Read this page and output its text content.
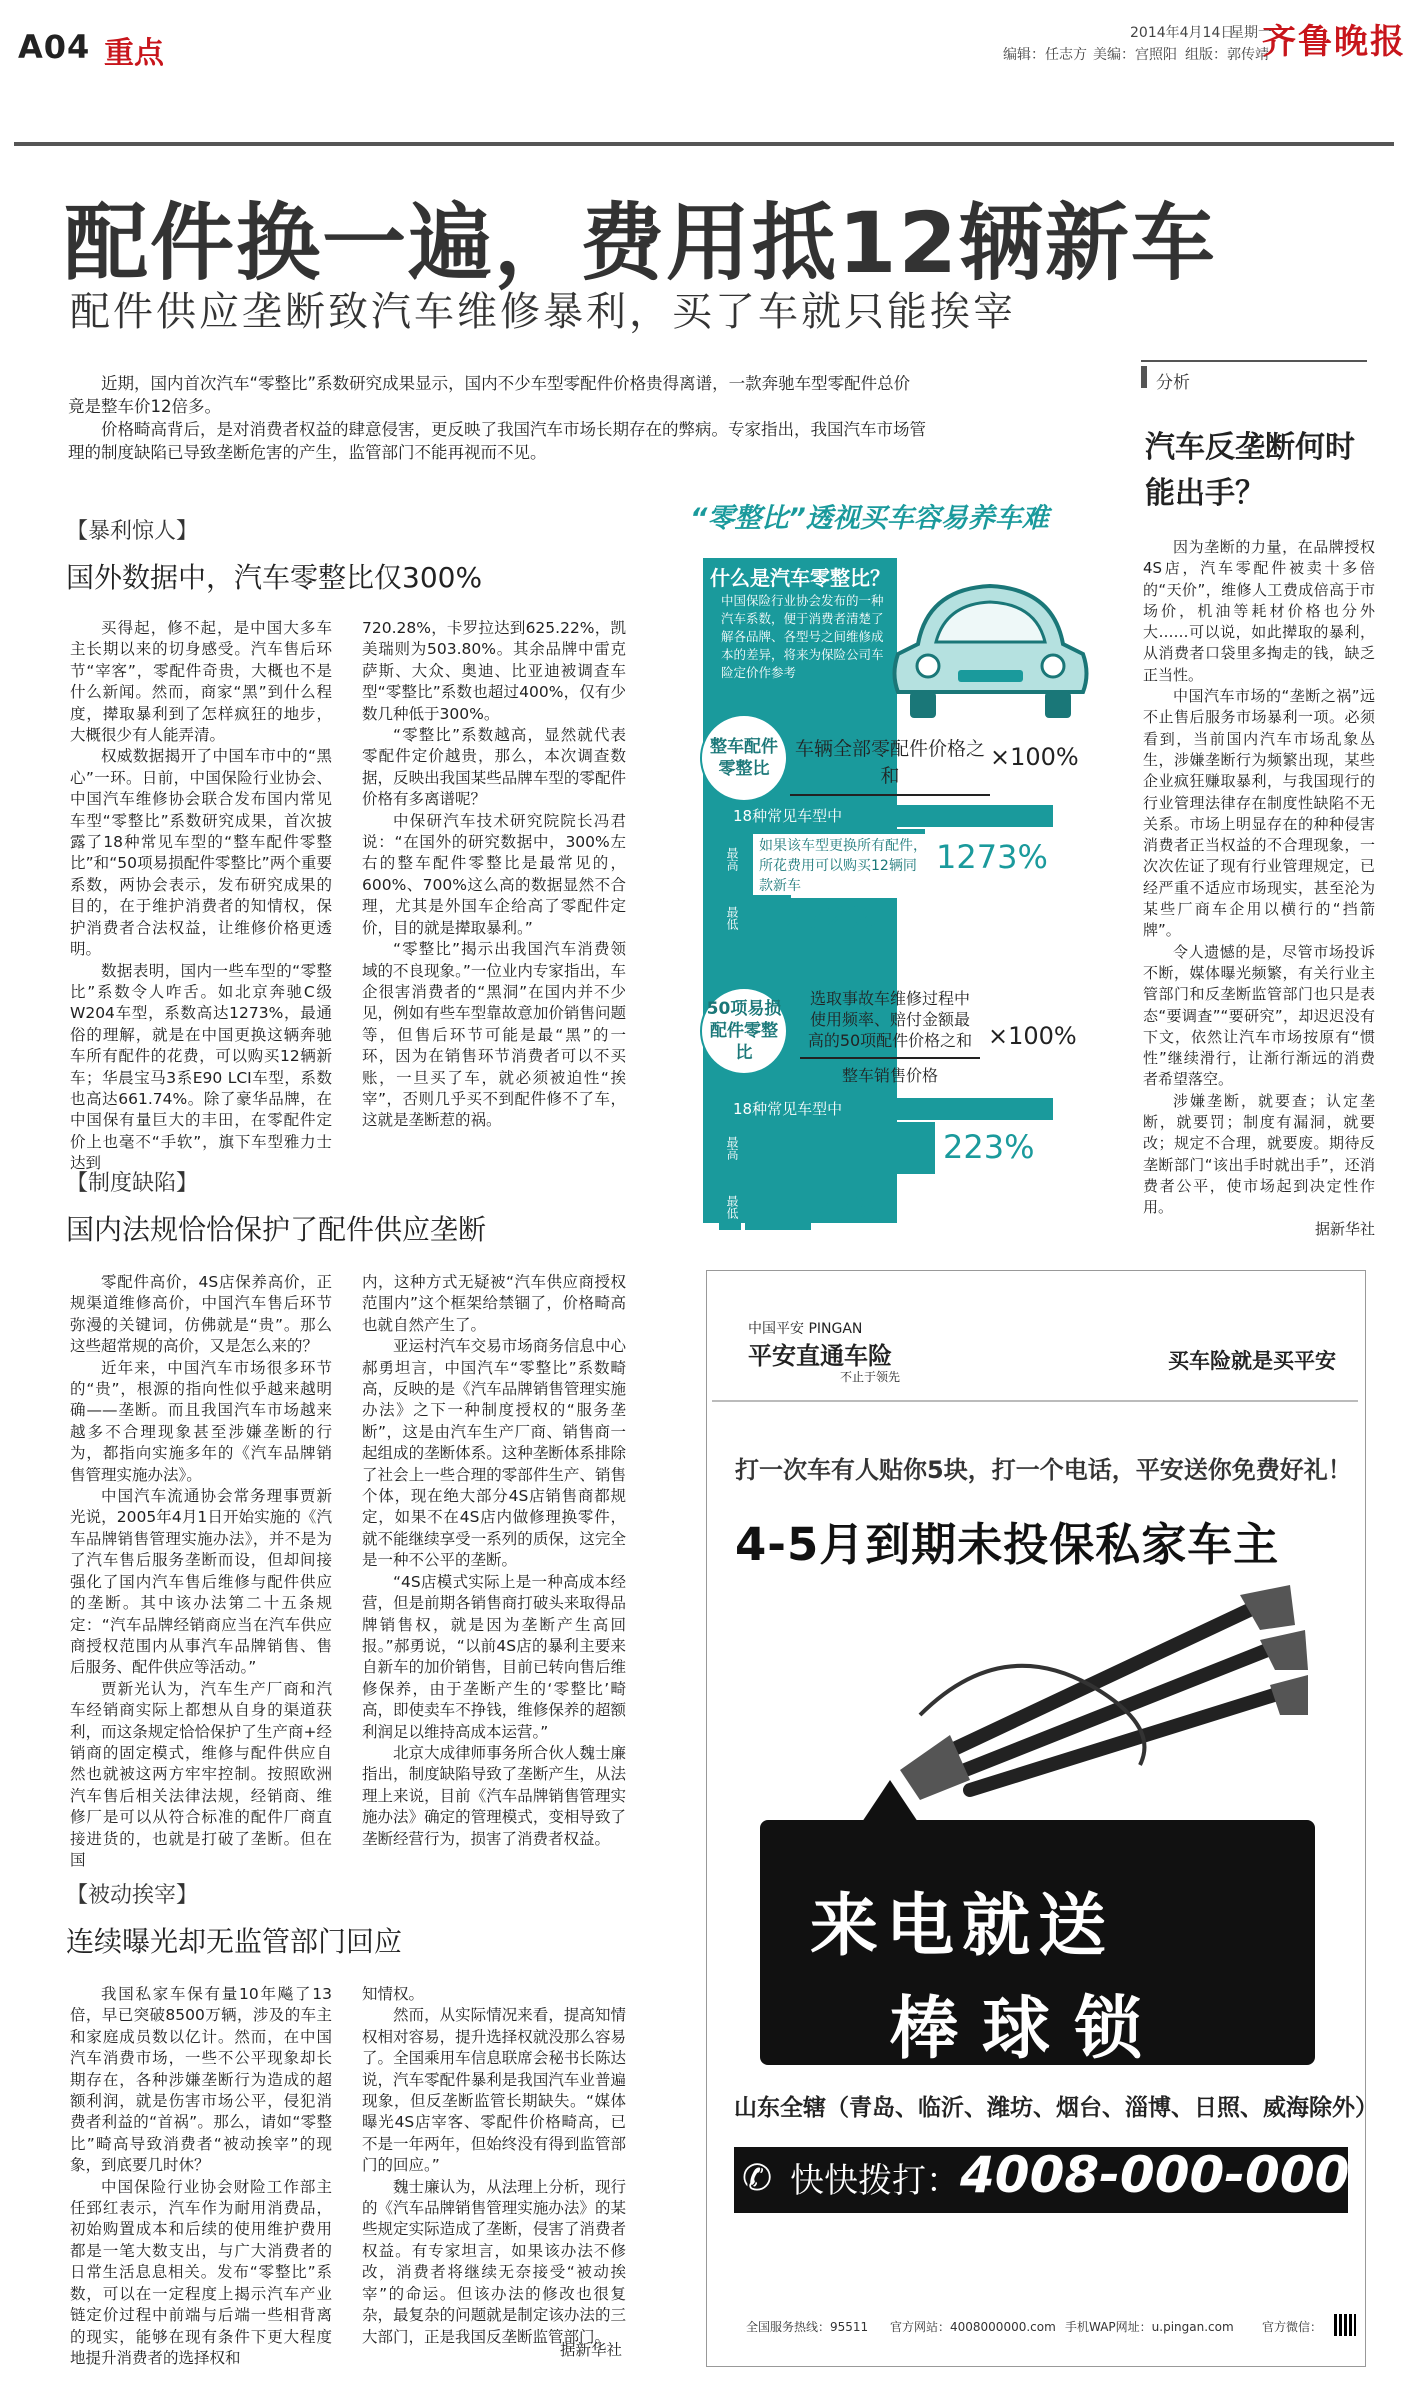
A04 重点
2014年4月14日
星期一
编辑：任志方 美编：宫照阳 组版：郭传靖
齐鲁晚报
配件换一遍，费用抵12辆新车
配件供应垄断致汽车维修暴利，买了车就只能挨宰

近期，国内首次汽车“零整比”系数研究成果显示，国内不少车型零配件价格贵得离谱，一款奔驰车型零配件总价竟是整车价12倍多。

价格畸高背后，是对消费者权益的肆意侵害，更反映了我国汽车市场长期存在的弊病。专家指出，我国汽车市场管理的制度缺陷已导致垄断危害的产生，监管部门不能再视而不见。

【暴利惊人】
国外数据中，汽车零整比仅300%

买得起，修不起，是中国大多车主长期以来的切身感受。汽车售后环节“宰客”，零配件奇贵，大概也不是什么新闻。然而，商家“黑”到什么程度，撵取暴利到了怎样疯狂的地步，大概很少有人能弄清。

权威数据揭开了中国车市中的“黑心”一环。日前，中国保险行业协会、中国汽车维修协会联合发布国内常见车型“零整比”系数研究成果，首次披露了18种常见车型的“整车配件零整比”和“50项易损配件零整比”两个重要系数，两协会表示，发布研究成果的目的，在于维护消费者的知情权，保护消费者合法权益，让维修价格更透明。

数据表明，国内一些车型的“零整比”系数令人咋舌。如北京奔驰C级W204车型，系数高达1273%，最通俗的理解，就是在中国更换这辆奔驰车所有配件的花费，可以购买12辆新车；华晨宝马3系E90 LCI车型，系数也高达661.74%。除了豪华品牌，在中国保有量巨大的丰田，在零配件定价上也毫不“手软”，旗下车型雅力士达到

720.28%，卡罗拉达到625.22%，凯美瑞则为503.80%。其余品牌中雷克萨斯、大众、奥迪、比亚迪被调查车型“零整比”系数也超过400%，仅有少数几种低于300%。

“零整比”系数越高，显然就代表零配件定价越贵，那么，本次调查数据，反映出我国某些品牌车型的零配件价格有多离谱呢？

中保研汽车技术研究院院长冯君说：“在国外的研究数据中，300%左右的整车配件零整比是最常见的，600%、700%这么高的数据显然不合理，尤其是外国车企给高了零配件定价，目的就是撵取暴利。”

“零整比”揭示出我国汽车消费领域的不良现象。”一位业内专家指出，车企很害消费者的“黑洞”在国内并不少见，例如有些车型靠故意加价销售问题等，但售后环节可能是最“黑”的一环，因为在销售环节消费者可以不买账，一旦买了车，就必须被迫性“挨宰”，否则几乎买不到配件修不了车，这就是垄断惹的祸。

【制度缺陷】
国内法规恰恰保护了配件供应垄断

零配件高价，4S店保养高价，正规渠道维修高价，中国汽车售后环节弥漫的关键词，仿佛就是“贵”。那么这些超常规的高价，又是怎么来的？

近年来，中国汽车市场很多环节的“贵”，根源的指向性似乎越来越明确——垄断。而且我国汽车市场越来越多不合理现象甚至涉嫌垄断的行为，都指向实施多年的《汽车品牌销售管理实施办法》。

中国汽车流通协会常务理事贾新光说，2005年4月1日开始实施的《汽车品牌销售管理实施办法》，并不是为了汽车售后服务垄断而设，但却间接强化了国内汽车售后维修与配件供应的垄断。其中该办法第二十五条规定：“汽车品牌经销商应当在汽车供应商授权范围内从事汽车品牌销售、售后服务、配件供应等活动。”

贾新光认为，汽车生产厂商和汽车经销商实际上都想从自身的渠道获利，而这条规定恰恰保护了生产商+经销商的固定模式，维修与配件供应自然也就被这两方牢牢控制。按照欧洲汽车售后相关法律法规，经销商、维修厂是可以从符合标准的配件厂商直接进货的，也就是打破了垄断。但在国

内，这种方式无疑被“汽车供应商授权范围内”这个框架给禁锢了，价格畸高也就自然产生了。

亚运村汽车交易市场商务信息中心郝勇坦言，中国汽车“零整比”系数畸高，反映的是《汽车品牌销售管理实施办法》之下一种制度授权的“服务垄断”，这是由汽车生产厂商、销售商一起组成的垄断体系。这种垄断体系排除了社会上一些合理的零部件生产、销售个体，现在绝大部分4S店销售商都规定，如果不在4S店内做修理换零件，就不能继续享受一系列的质保，这完全是一种不公平的垄断。

“4S店模式实际上是一种高成本经营，但是前期各销售商打破头来取得品牌销售权，就是因为垄断产生高回报。”郝勇说，“以前4S店的暴利主要来自新车的加价销售，目前已转向售后维修保养，由于垄断产生的‘零整比’畸高，即使卖车不挣钱，维修保养的超额利润足以维持高成本运营。”

北京大成律师事务所合伙人魏士廉指出，制度缺陷导致了垄断产生，从法理上来说，目前《汽车品牌销售管理实施办法》确定的管理模式，变相导致了垄断经营行为，损害了消费者权益。

【被动挨宰】
连续曝光却无监管部门回应

我国私家车保有量10年飚了13倍，早已突破8500万辆，涉及的车主和家庭成员数以亿计。然而，在中国汽车消费市场，一些不公平现象却长期存在，各种涉嫌垄断行为造成的超额利润，就是伤害市场公平，侵犯消费者利益的“首祸”。那么，请如“零整比”畸高导致消费者“被动挨宰”的现象，到底要几时休？

中国保险行业协会财险工作部主任郅红表示，汽车作为耐用消费品，初始购置成本和后续的使用维护费用都是一笔大数支出，与广大消费者的日常生活息息相关。发布“零整比”系数，可以在一定程度上揭示汽车产业链定价过程中前端与后端一些相背离的现实，能够在现有条件下更大程度地提升消费者的选择权和

知情权。

然而，从实际情况来看，提高知情权相对容易，提升选择权就没那么容易了。全国乘用车信息联席会秘书长陈达说，汽车零配件暴利是我国汽车业普遍现象，但反垄断监管长期缺失。“媒体曝光4S店宰客、零配件价格畸高，已不是一年两年，但始终没有得到监管部门的回应。”

魏士廉认为，从法理上分析，现行的《汽车品牌销售管理实施办法》的某些规定实际造成了垄断，侵害了消费者权益。有专家坦言，如果该办法不修改，消费者将继续无奈接受“被动挨宰”的命运。但该办法的修改也很复杂，最复杂的问题就是制定该办法的三大部门，正是我国反垄断监管部门。

据新华社
“零整比”透视买车容易养车难
什么是汽车零整比？
中国保险行业协会发布的一种汽车系数，便于消费者清楚了解各品牌、各型号之间维修成本的差异，将来为保险公司车险定价作参考
整车配件零整比
车辆全部零配件价格之和
×100%
18种常见车型中
最高
如果该车型更换所有配件，所花费用可以购买12辆同款新车
1273%
最低 272%
50项易损配件零整比
选取事故车维修过程中使用频率、赔付金额最高的50项配件价格之和
整车销售价格
×100%
18种常见车型中
最高	223%
最低 77%
分析
汽车反垄断何时能出手？

因为垄断的力量，在品牌授权4S店，汽车零配件被卖十多倍的“天价”，维修人工费成倍高于市场价，机油等耗材价格也分外大……可以说，如此撵取的暴利，从消费者口袋里多掏走的钱，缺乏正当性。

中国汽车市场的“垄断之祸”远不止售后服务市场暴利一项。必须看到，当前国内汽车市场乱象丛生，涉嫌垄断行为频繁出现，某些企业疯狂赚取暴利，与我国现行的行业管理法律存在制度性缺陷不无关系。市场上明显存在的种种侵害消费者正当权益的不合理现象，一次次佐证了现有行业管理规定，已经严重不适应市场现实，甚至沦为某些厂商车企用以横行的“挡箭牌”。

令人遗憾的是，尽管市场投诉不断，媒体曝光频繁，有关行业主管部门和反垄断监管部门也只是表态“要调查”“要研究”，却迟迟没有下文，依然让汽车市场按原有“惯性”继续滑行，让渐行渐远的消费者希望落空。

涉嫌垄断，就要查；认定垄断，就要罚；制度有漏洞，就要改；规定不合理，就要废。期待反垄断部门“该出手时就出手”，还消费者公平，使市场起到决定性作用。

据新华社

中国平安 PINGAN
平安直通车险
不止于领先
买车险就是买平安
打一次车有人贴你5块，打一个电话，平安送你免费好礼！
4-5月到期未投保私家车主
来电就送
棒球锁
山东全辖（青岛、临沂、潍坊、烟台、淄博、日照、威海除外）
✆ 快快拨打： 4008-000-000
全国服务热线：95511 官方网站：4008000000.com 手机WAP网址：u.pingan.com 官方微信：
